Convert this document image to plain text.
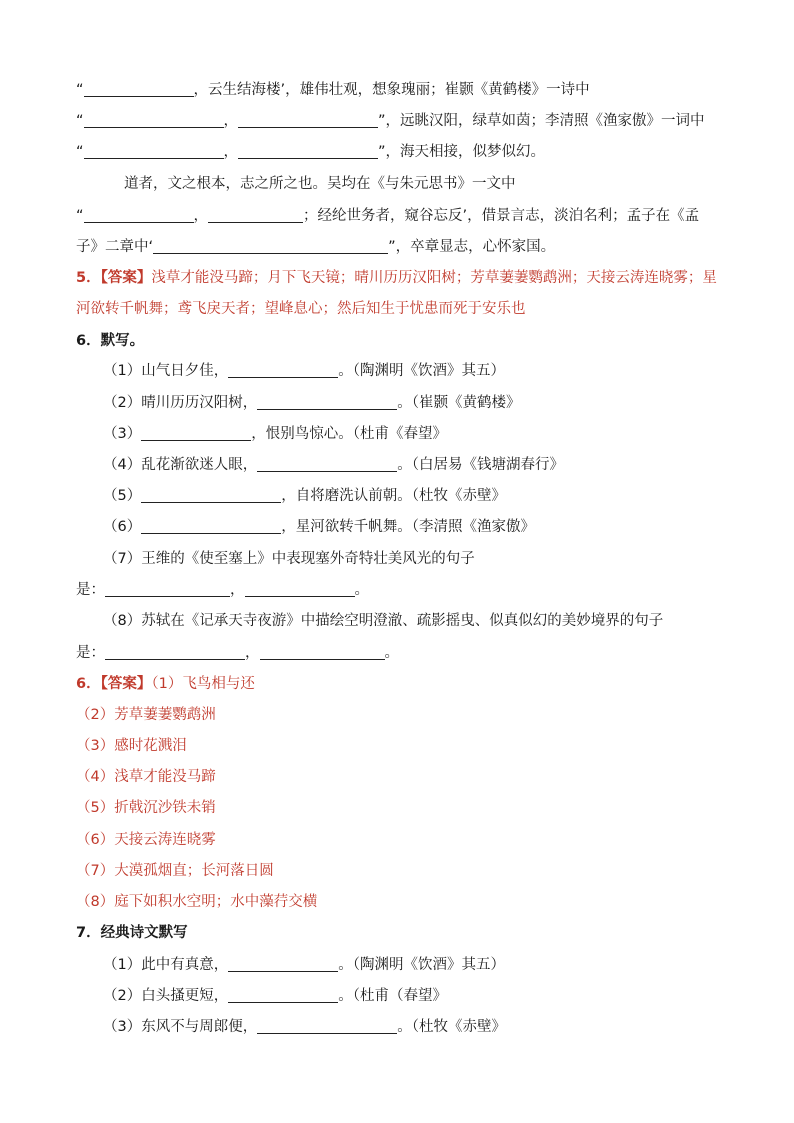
“	，云生结海楼’，雄伟壮观，想象瑰丽；崔颢《黄鹤楼》一诗中
“	，	”，远眺汉阳，绿草如茵；李清照《渔家傲》一词中
“	，	”，海天相接，似梦似幻。
道者，文之根本，志之所之也。吴均在《与朱元思书》一文中
“	，	；经纶世务者，窥谷忘反’，借景言志，淡泊名利；孟子在《孟
子》二章中‘	”，卒章显志，心怀家国。
5．【答案】浅草才能没马蹄；月下飞天镜；晴川历历汉阳树；芳草萋萋鹦鹉洲；天接云涛连晓雾；星
河欲转千帆舞；鸢飞戾天者；望峰息心；然后知生于忧患而死于安乐也
6．默写。
（1）山气日夕佳，	。（陶渊明《饮酒》其五）
（2）晴川历历汉阳树，	。（崔颢《黄鹤楼》
（3）	，恨别鸟惊心。（杜甫《春望》
（4）乱花渐欲迷人眼，	。（白居易《钱塘湖春行》
（5）	，自将磨洗认前朝。（杜牧《赤壁》
（6）	，星河欲转千帆舞。（李清照《渔家傲》
（7）王维的《使至塞上》中表现塞外奇特壮美风光的句子
是：	，	。
（8）苏轼在《记承天寺夜游》中描绘空明澄澈、疏影摇曳、似真似幻的美妙境界的句子
是：	，	。
6．【答案】（1）飞鸟相与还
（2）芳草萋萋鹦鹉洲
（3）感时花溅泪
（4）浅草才能没马蹄
（5）折戟沉沙铁未销
（6）天接云涛连晓雾
（7）大漠孤烟直；长河落日圆
（8）庭下如积水空明；水中藻荇交横
7．经典诗文默写
（1）此中有真意，	。（陶渊明《饮酒》其五）
（2）白头搔更短，	。（杜甫（春望》
（3）东风不与周郎便，	。（杜牧《赤壁》
